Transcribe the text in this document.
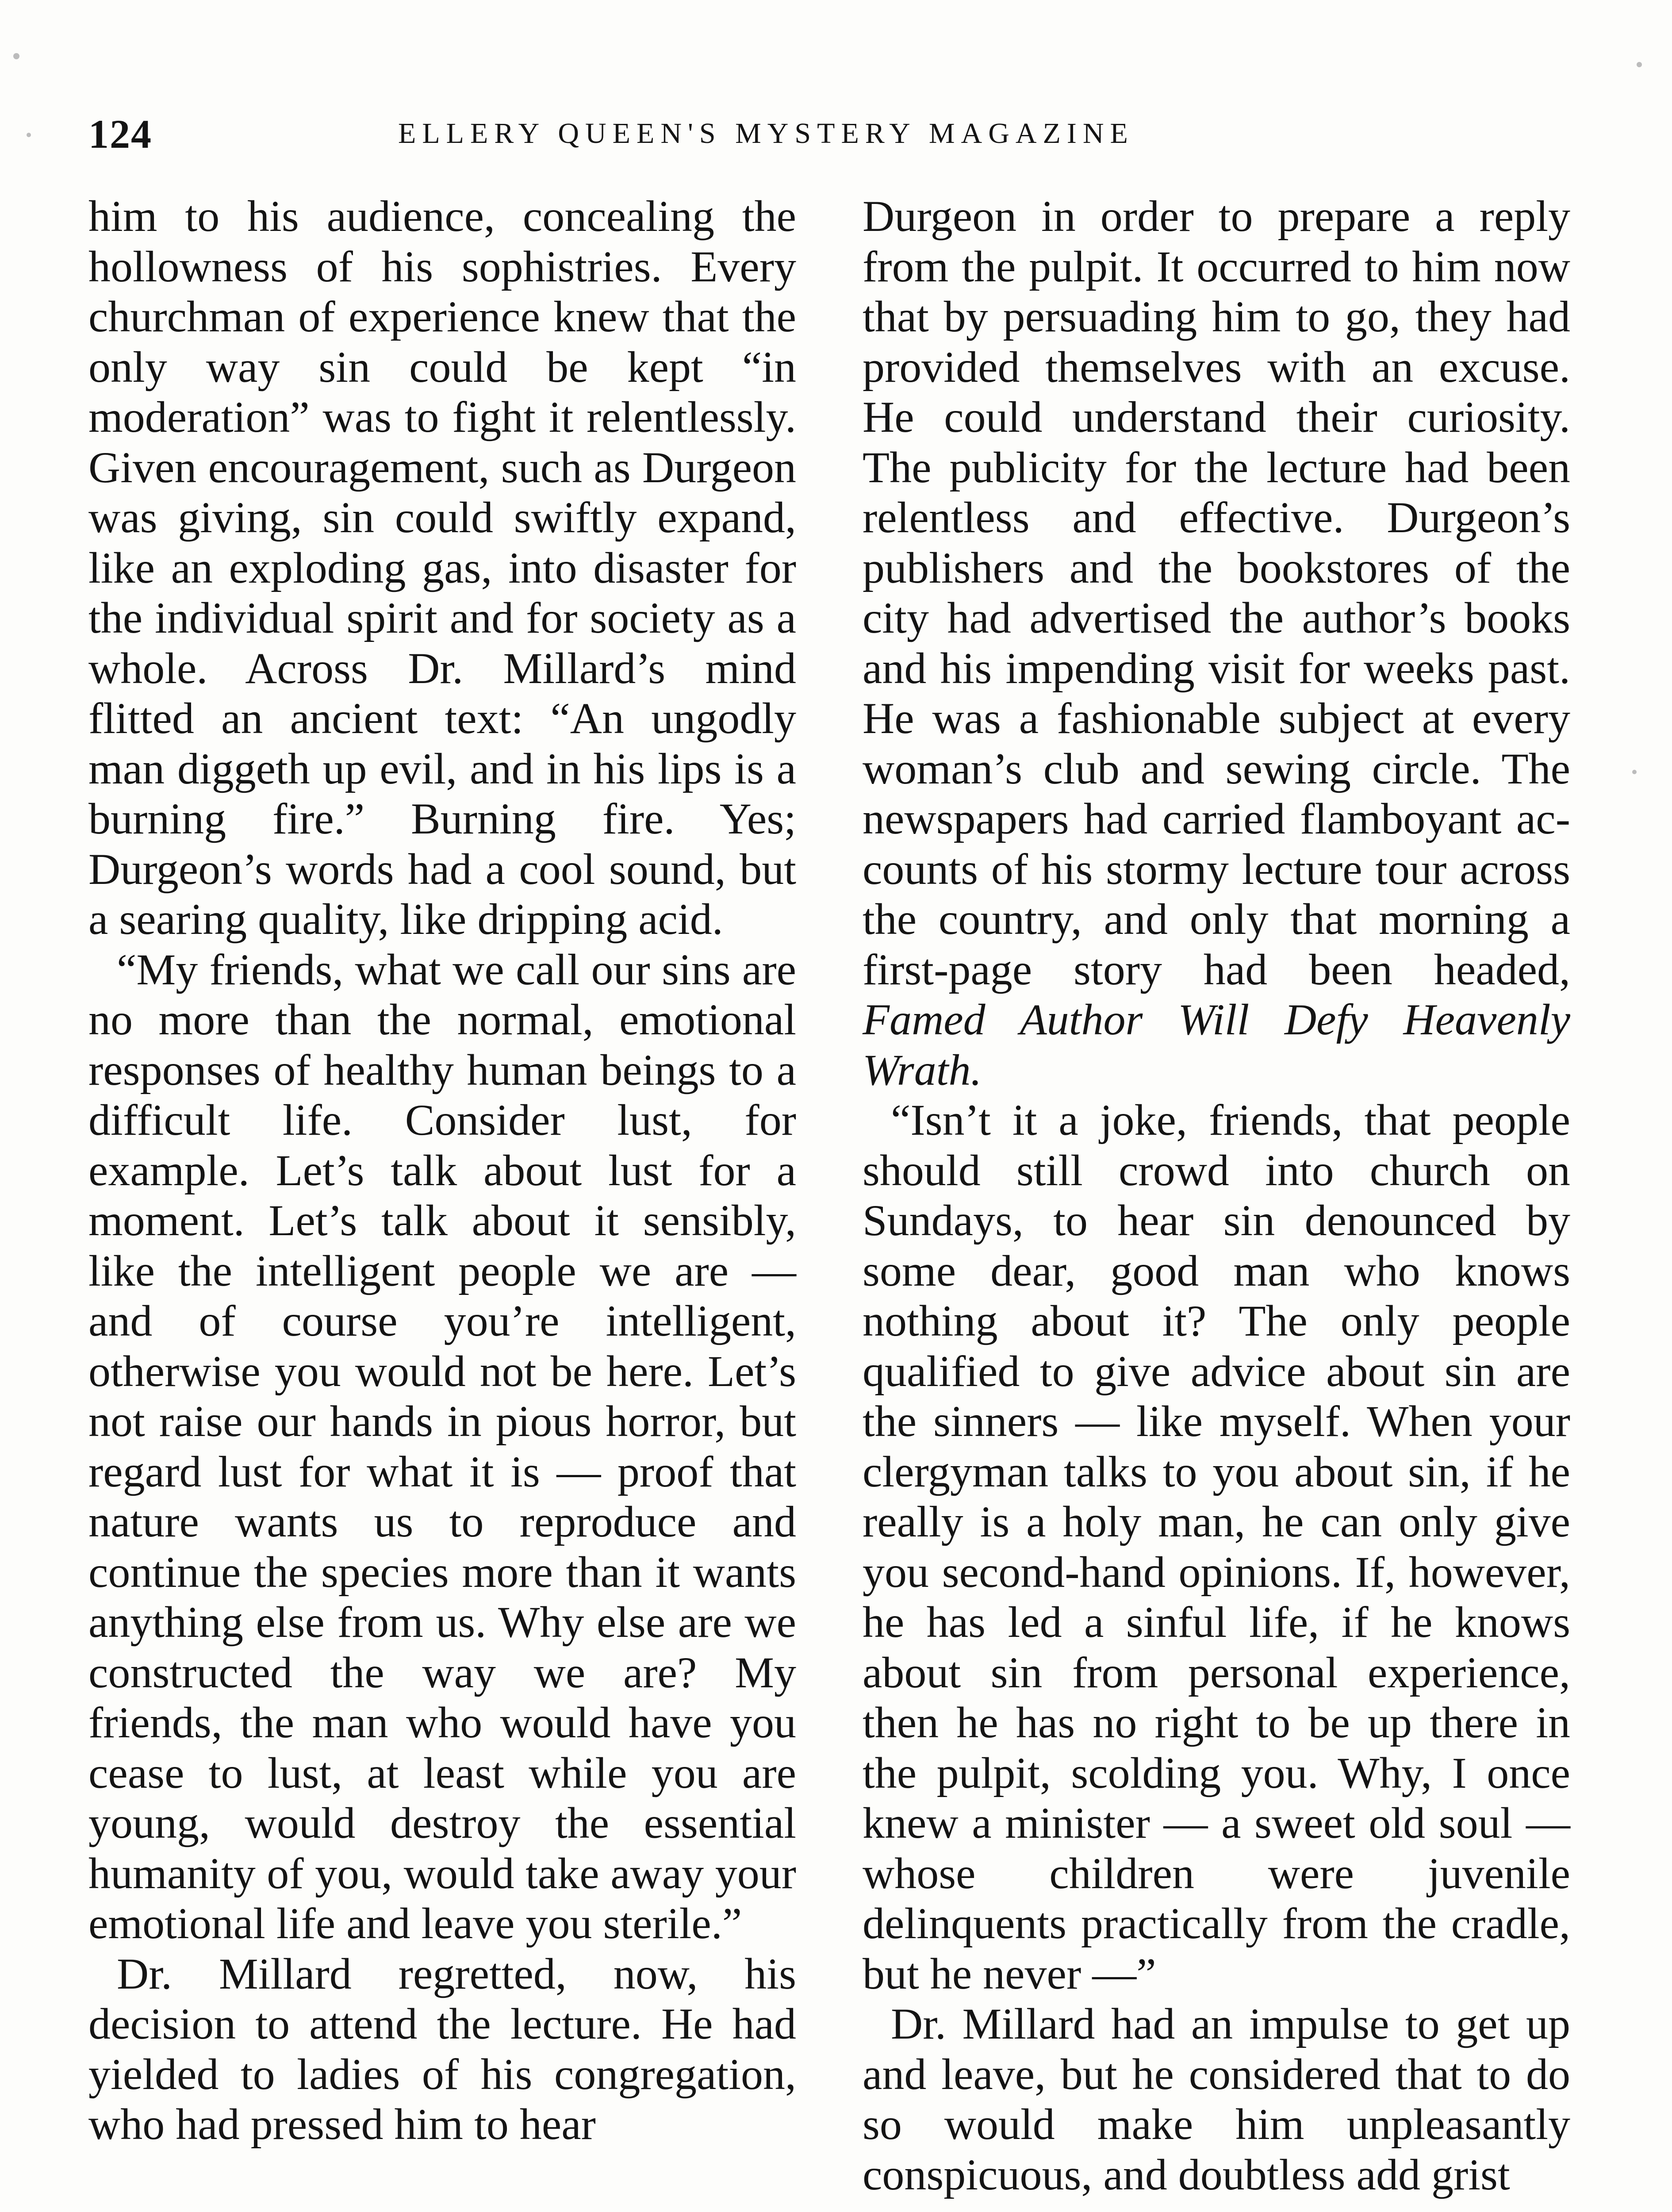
124	ELLERY QUEEN'S MYSTERY MAGAZINE

him to his audience, concealing the hollowness of his sophistries. Every churchman of experience knew that the only way sin could be kept “in moderation” was to fight it relentlessly. Given encouragement, such as Durgeon was giving, sin could swiftly expand, like an exploding gas, into disaster for the individual spirit and for society as a whole. Across Dr. Millard’s mind flitted an ancient text: “An ungodly man diggeth up evil, and in his lips is a burning fire.” Burning fire. Yes; Durgeon’s words had a cool sound, but a searing quality, like dripping acid.

“My friends, what we call our sins are no more than the normal, emotional responses of healthy human beings to a difficult life. Consider lust, for example. Let’s talk about lust for a moment. Let’s talk about it sensibly, like the intelligent people we are — and of course you’re intelligent, otherwise you would not be here. Let’s not raise our hands in pious horror, but regard lust for what it is — proof that nature wants us to reproduce and continue the species more than it wants anything else from us. Why else are we constructed the way we are? My friends, the man who would have you cease to lust, at least while you are young, would destroy the essential humanity of you, would take away your emotional life and leave you sterile.”

Dr. Millard regretted, now, his decision to attend the lecture. He had yielded to ladies of his congregation, who had pressed him to hear

Durgeon in order to prepare a reply from the pulpit. It occurred to him now that by persuading him to go, they had provided themselves with an excuse. He could understand their curiosity. The publicity for the lecture had been relentless and effective. Durgeon’s publishers and the bookstores of the city had advertised the author’s books and his impending visit for weeks past. He was a fashionable subject at every woman’s club and sewing circle. The newspapers had carried flamboyant accounts of his stormy lecture tour across the country, and only that morning a first-page story had been headed, Famed Author Will Defy Heavenly Wrath.

“Isn’t it a joke, friends, that people should still crowd into church on Sundays, to hear sin denounced by some dear, good man who knows nothing about it? The only people qualified to give advice about sin are the sinners — like myself. When your clergyman talks to you about sin, if he really is a holy man, he can only give you second-hand opinions. If, however, he has led a sinful life, if he knows about sin from personal experience, then he has no right to be up there in the pulpit, scolding you. Why, I once knew a minister — a sweet old soul — whose children were juvenile delinquents practically from the cradle, but he never —”

Dr. Millard had an impulse to get up and leave, but he considered that to do so would make him unpleasantly conspicuous, and doubtless add grist
